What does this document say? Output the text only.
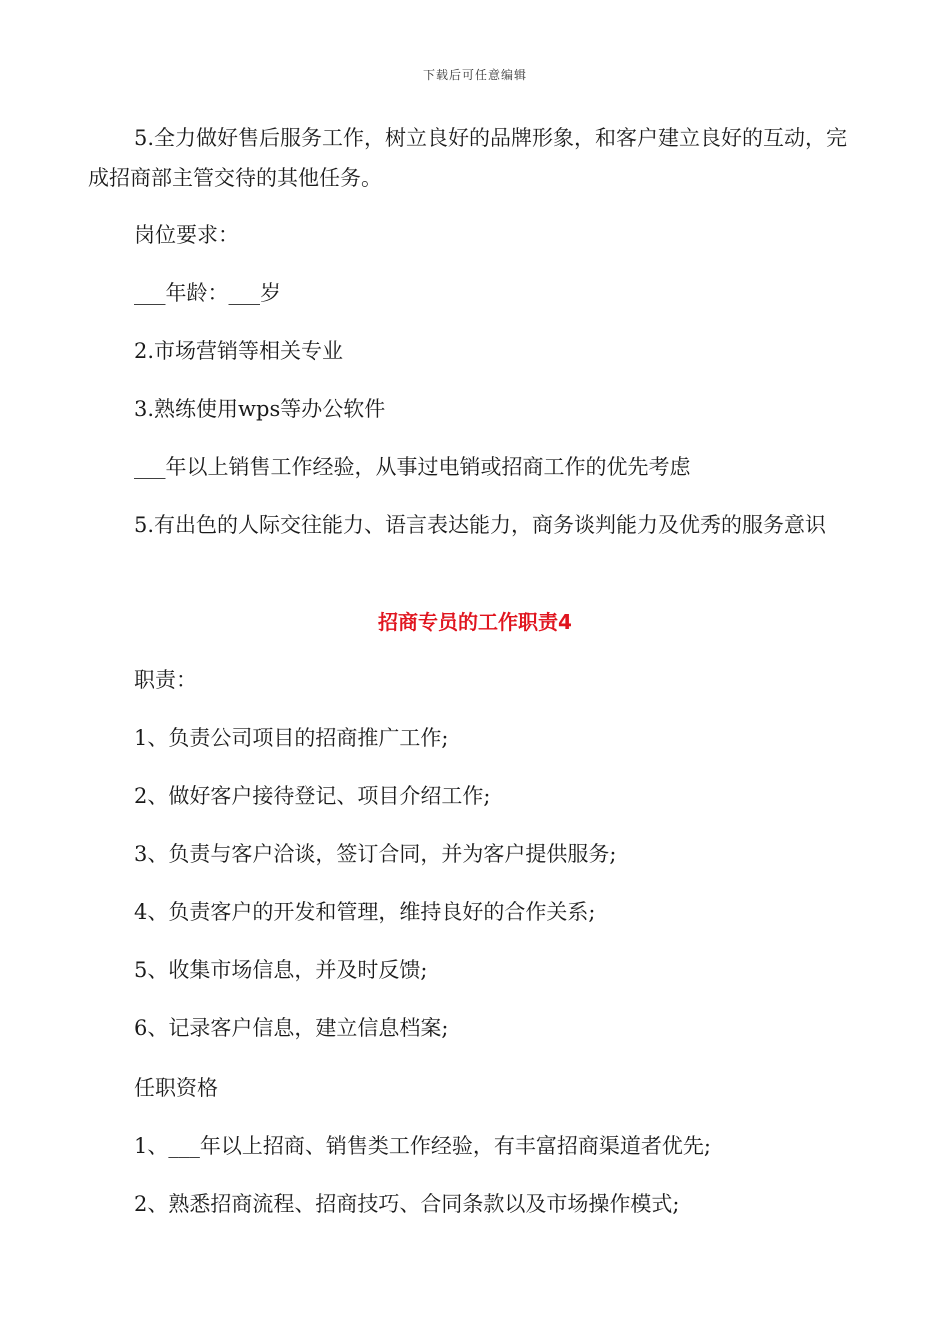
下载后可任意编辑

5.全力做好售后服务工作，树立良好的品牌形象，和客户建立良好的互动，完成招商部主管交待的其他任务。

岗位要求：

___年龄：___岁

2.市场营销等相关专业

3.熟练使用wps等办公软件

___年以上销售工作经验，从事过电销或招商工作的优先考虑

5.有出色的人际交往能力、语言表达能力，商务谈判能力及优秀的服务意识

招商专员的工作职责4

职责：

1、负责公司项目的招商推广工作;

2、做好客户接待登记、项目介绍工作;

3、负责与客户洽谈，签订合同，并为客户提供服务;

4、负责客户的开发和管理，维持良好的合作关系;

5、收集市场信息，并及时反馈;

6、记录客户信息，建立信息档案;

任职资格

1、___年以上招商、销售类工作经验，有丰富招商渠道者优先;

2、熟悉招商流程、招商技巧、合同条款以及市场操作模式;
